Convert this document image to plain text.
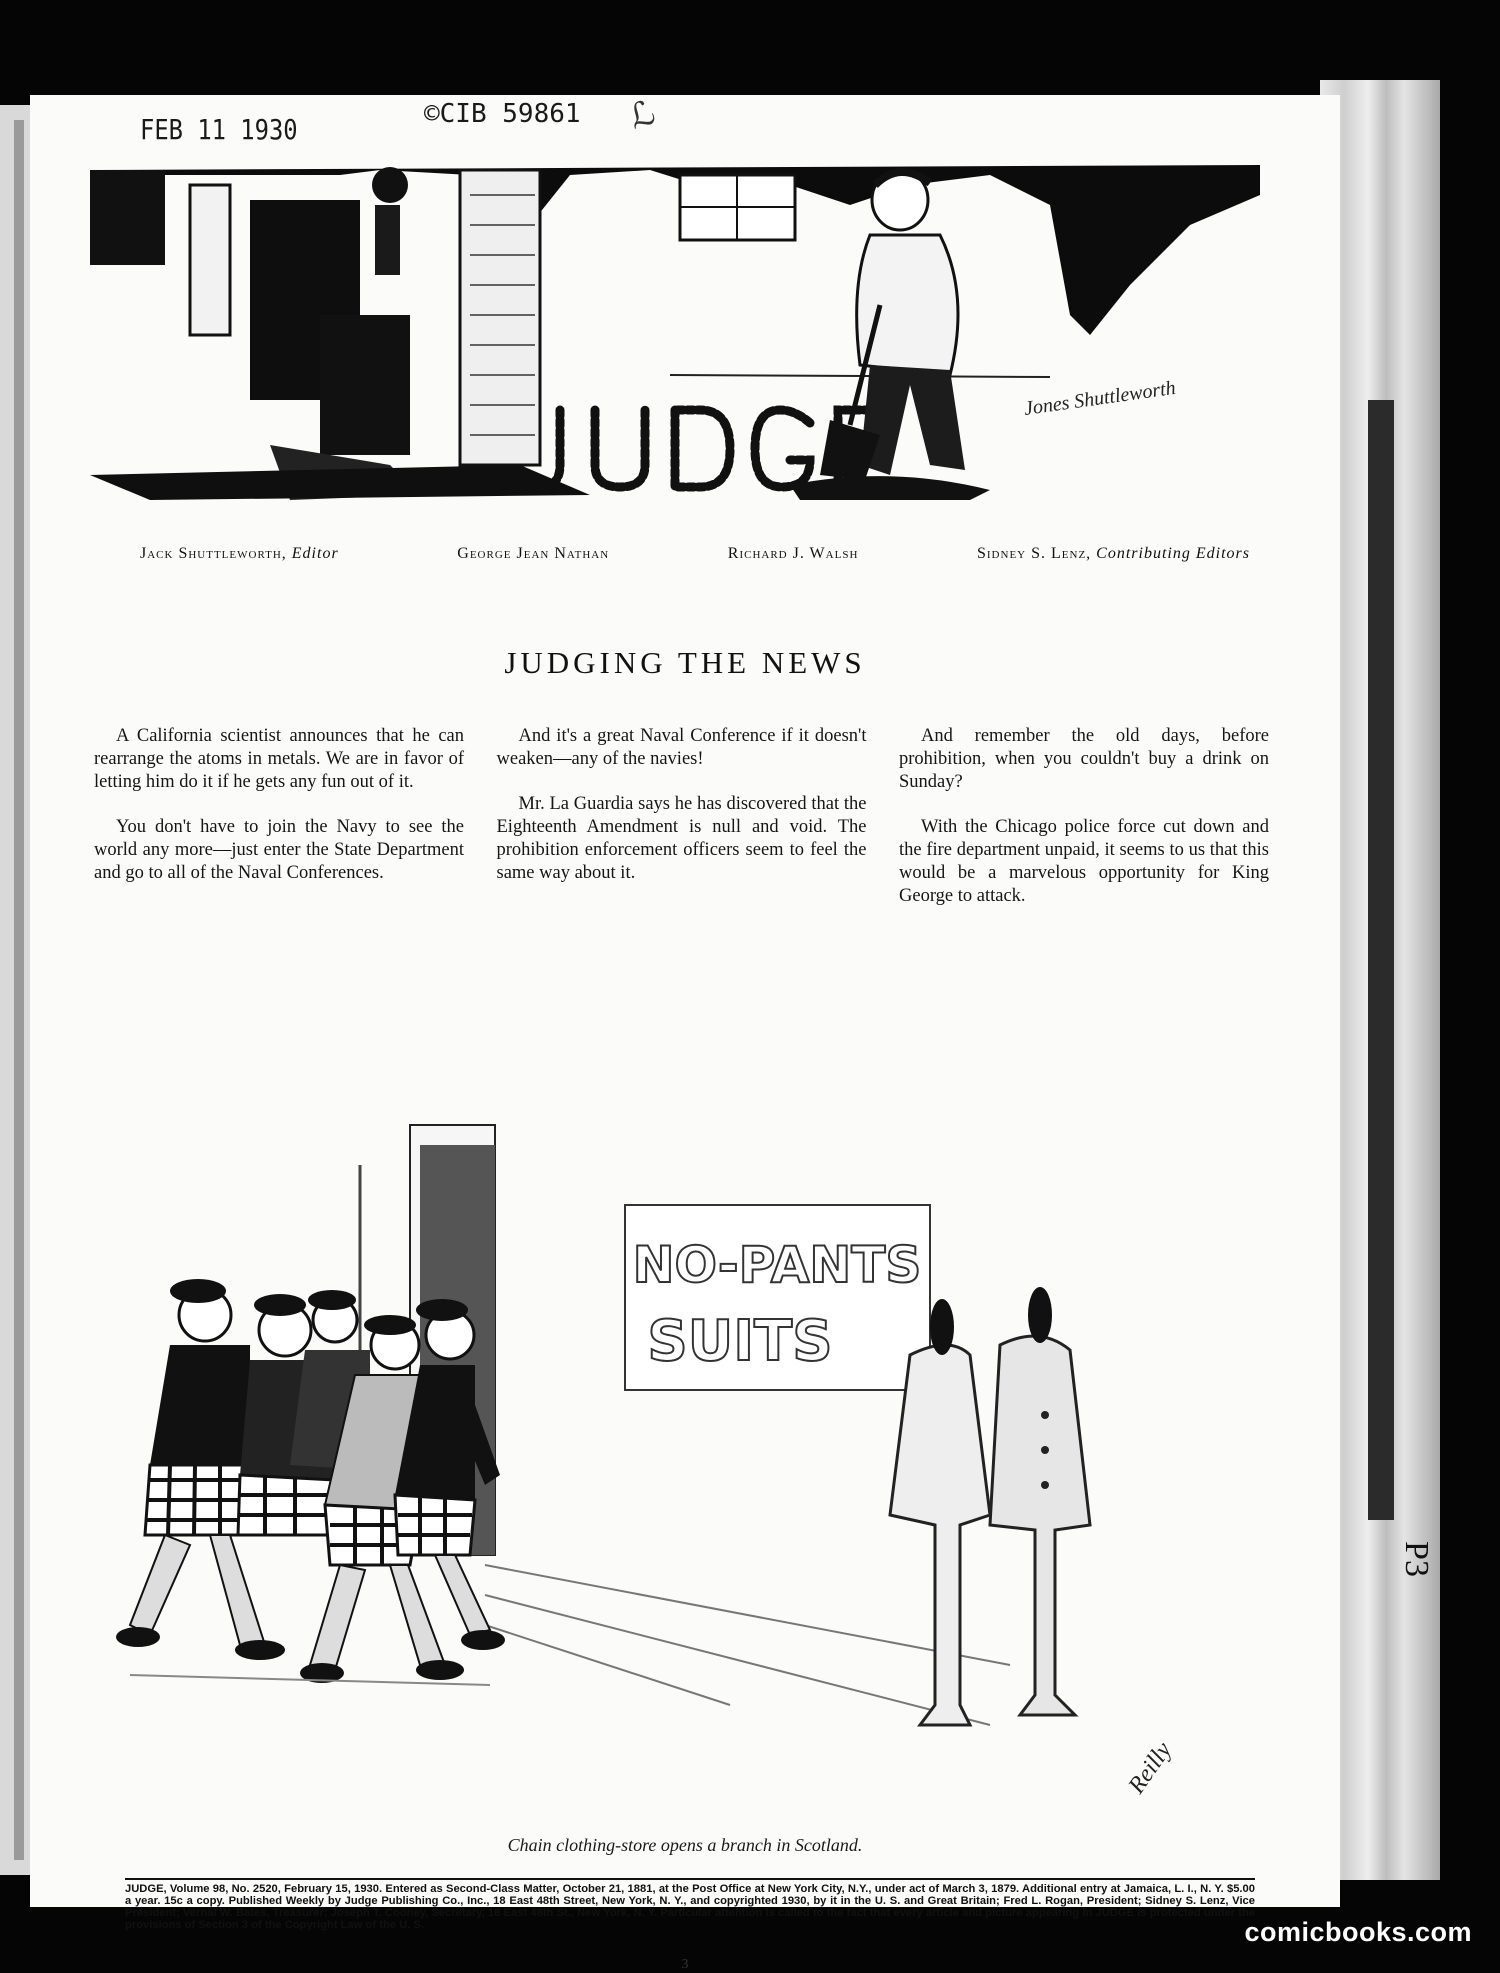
P3
FEB 11 1930	©CIB 59861 ℒ
Jones Shuttleworth
Jack Shuttleworth, Editor	George Jean Nathan	Richard J. Walsh	Sidney S. Lenz, Contributing Editors
JUDGING THE NEWS

A California scientist announces that he can rearrange the atoms in metals. We are in favor of letting him do it if he gets any fun out of it.

You don't have to join the Navy to see the world any more—just enter the State Department and go to all of the Naval Conferences.

And it's a great Naval Conference if it doesn't weaken—any of the navies!

Mr. La Guardia says he has discovered that the Eighteenth Amendment is null and void. The prohibition enforcement officers seem to feel the same way about it.

And remember the old days, before prohibition, when you couldn't buy a drink on Sunday?

With the Chicago police force cut down and the fire department unpaid, it seems to us that this would be a marvelous opportunity for King George to attack.

NO-PANTS
SUITS
Reilly
Chain clothing-store opens a branch in Scotland.
JUDGE, Volume 98, No. 2520, February 15, 1930. Entered as Second-Class Matter, October 21, 1881, at the Post Office at New York City, N.Y., under act of March 3, 1879. Additional entry at Jamaica, L. I., N. Y. $5.00 a year. 15c a copy. Published Weekly by Judge Publishing Co., Inc., 18 East 48th Street, New York, N. Y., and copyrighted 1930, by it in the U. S. and Great Britain; Fred L. Rogan, President; Sidney S. Lenz, Vice President; Vernal W. Bates, Treasurer; Joseph T. Cooney, Secretary, 18 East 48th St., New York, N. Y. Particular attention is called to the fact that every article and picture appearing in JUDGE is protected under the provisions of Section 3 of the Copyright Law of the U. S.
3
comicbooks.com
